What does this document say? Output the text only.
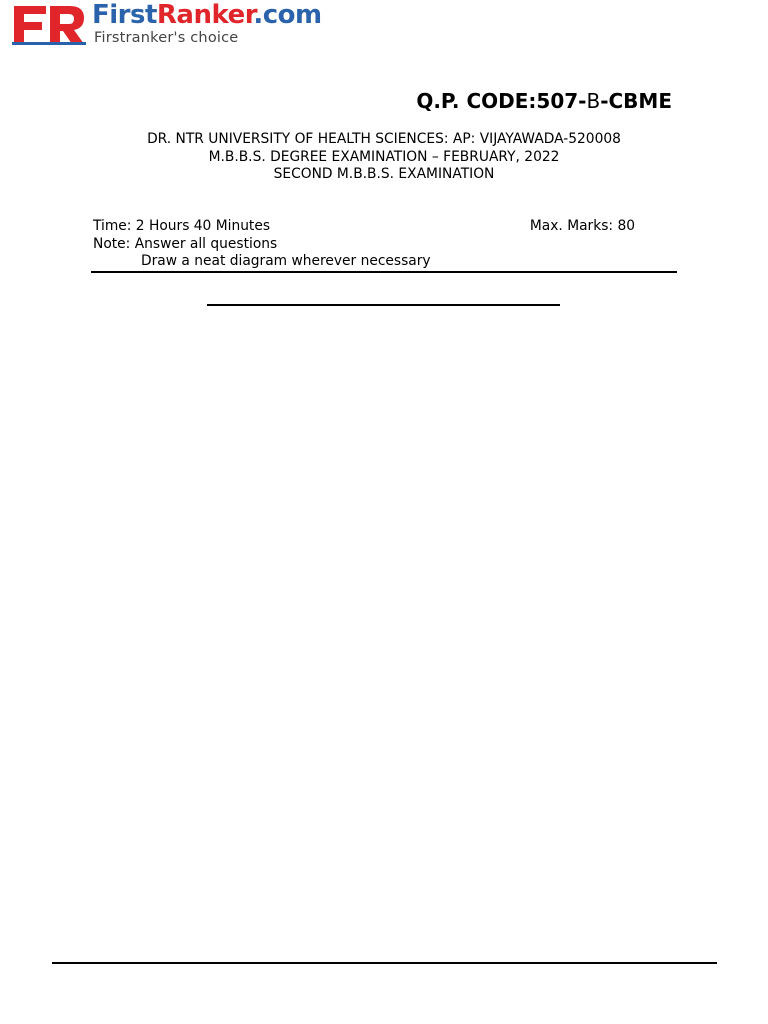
FirstRanker.com
Firstranker's choice
Q.P. CODE:507-B-CBME
DR. NTR UNIVERSITY OF HEALTH SCIENCES: AP: VIJAYAWADA-520008
M.B.B.S. DEGREE EXAMINATION – FEBRUARY, 2022
SECOND M.B.B.S. EXAMINATION
Time: 2 Hours 40 Minutes	Max. Marks: 80
Note: Answer all questions
Draw a neat diagram wherever necessary
